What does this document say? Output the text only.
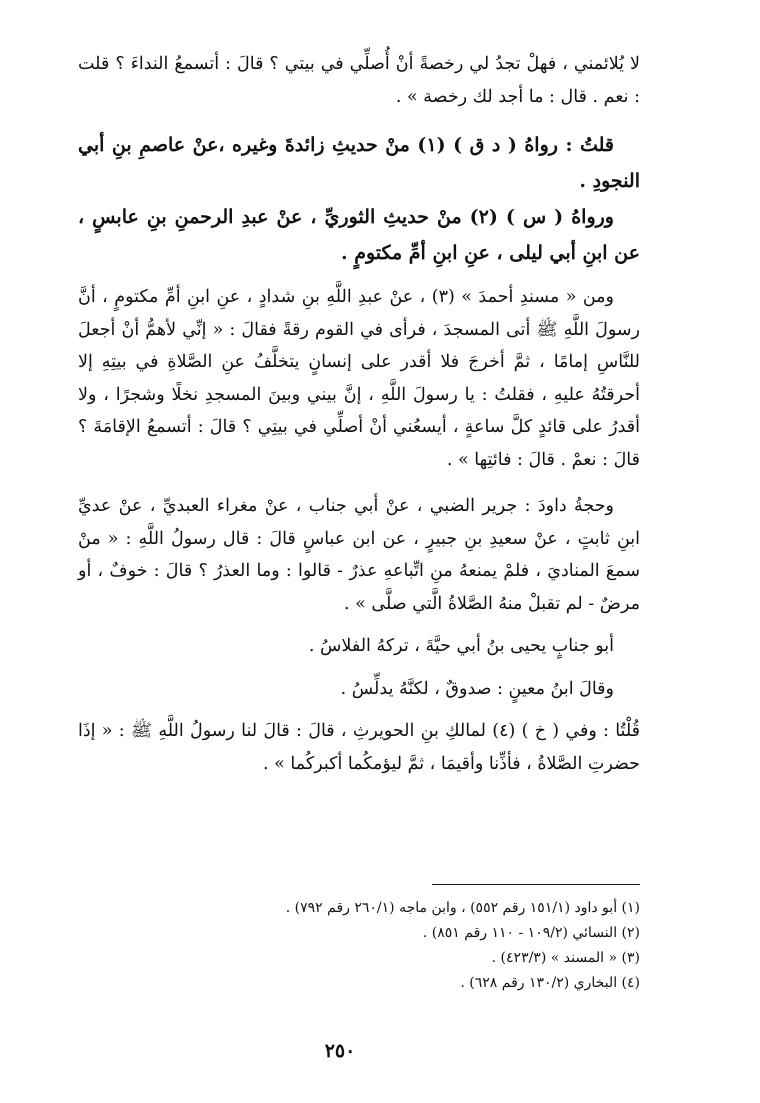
لا يُلائمني ، فهلْ تجدُ لي رخصةً أنْ أُصلِّي في بيتي ؟ قالَ : أتسمعُ النداءَ ؟ قلت : نعم . قال : ما أجد لك رخصة » .

قلتُ : رواهُ ( د ق ) (١) منْ حديثِ زائدةَ وغيره ،عنْ عاصمِ بنِ أبي النجودِ .

ورواهُ ( س ) (٢) منْ حديثِ الثوريِّ ، عنْ عبدِ الرحمنِ بنِ عابسٍ ، عن ابنِ أبي ليلى ، عنِ ابنِ أمِّ مكتومٍ .

ومن « مسندِ أحمدَ » (٣) ، عنْ عبدِ اللَّهِ بنِ شدادٍ ، عنِ ابنِ أمِّ مكتومٍ ، أنَّ رسولَ اللَّهِ ﷺ أتى المسجدَ ، فرأى في القوم رقةً فقالَ : « إنِّي لأهمُّ أنْ أجعلَ للنَّاسِ إمامًا ، ثمَّ أخرجَ فلا أقدر على إنسانٍ يتخلَّفُ عنِ الصَّلاةِ في بيتِهِ إلا أحرقتُهُ عليهِ ، فقلتُ : يا رسولَ اللَّهِ ، إنَّ بيني وبينَ المسجدِ نخلًا وشجرًا ، ولا أقدرُ على قائدٍ كلَّ ساعةٍ ، أيسعُني أنْ أصلِّي في بيتِي ؟ قالَ : أتسمعُ الإقامَةَ ؟ قالَ : نعمْ . قالَ : فائتِها » .

وحجةُ داودَ : جرير الضبي ، عنْ أبي جناب ، عنْ مغراء العبديِّ ، عنْ عديِّ ابنِ ثابتٍ ، عنْ سعيدِ بنِ جبيرٍ ، عن ابن عباسٍ قالَ : قال رسولُ اللَّهِ : « منْ سمعَ المناديَ ، فلمْ يمنعهُ منِ اتِّباعهِ عذرٌ - قالوا : وما العذرُ ؟ قالَ : خوفٌ ، أو مرضٌ - لم تقبلْ منهُ الصَّلاةُ الَّتي صلَّى » .

أبو جنابٍ يحيى بنُ أبي حيَّةَ ، تركهُ الفلاسُ .

وقالَ ابنُ معينٍ : صدوقٌ ، لكنَّهُ يدلِّسُ .

قُلْتُا : وفي ( خ ) (٤) لمالكِ بنِ الحويرثِ ، قالَ : قالَ لنا رسولُ اللَّهِ ﷺ : « إذَا حضرتِ الصَّلاةُ ، فأذِّنا وأقيمَا ، ثمَّ ليؤمكُما أكبركُما » .

(١) أبو داود (١٥١/١ رقم ٥٥٢) ، وابن ماجه (٢٦٠/١ رقم ٧٩٢) .

(٢) النسائي (١٠٩/٢ - ١١٠ رقم ٨٥١) .

(٣) « المسند » (٤٢٣/٣) .

(٤) البخاري (١٣٠/٢ رقم ٦٢٨) .

٢٥٠
